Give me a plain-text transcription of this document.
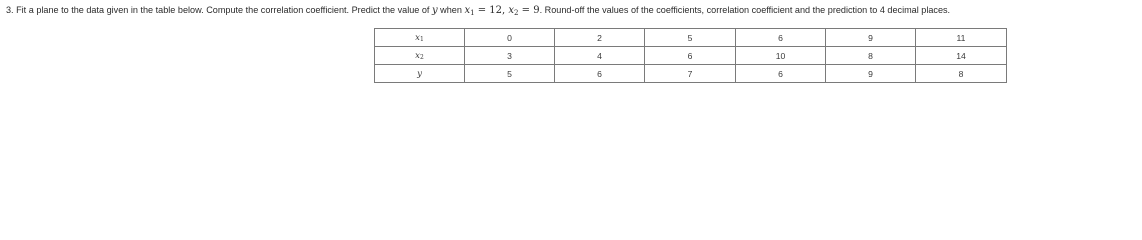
3. Fit a plane to the data given in the table below. Compute the correlation coefficient. Predict the value of y when $x_1 = 12$, $x_2 = 9$. Round-off the values of the coefficients, correlation coefficient and the prediction to 4 decimal places.
$x_1$	0	2	5	6	9	11
$x_2$	3	4	6	10	8	14
y	5	6	7	6	9	8
